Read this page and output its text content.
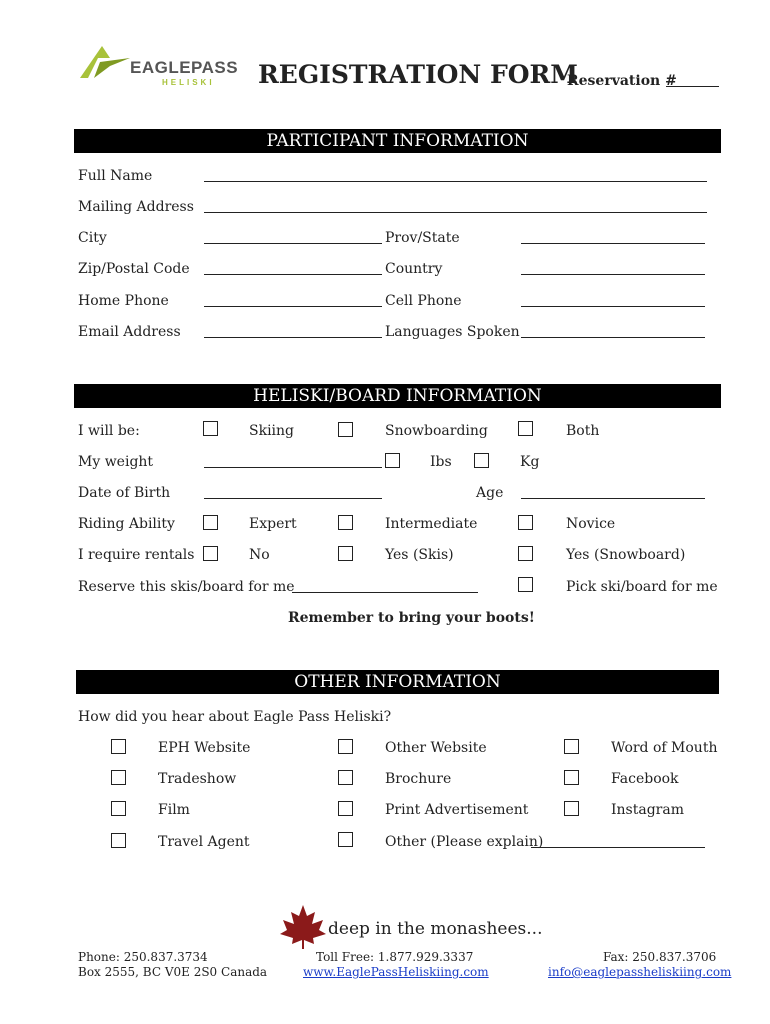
EAGLEPASS
HELISKI REGISTRATION FORM
Reservation #
PARTICIPANT INFORMATION
Full Name
Mailing Address
City	Prov/State
Zip/Postal Code	Country
Home Phone	Cell Phone
Email Address	Languages Spoken
HELISKI/BOARD INFORMATION
I will be:	Skiing	Snowboarding	Both
My weight	Ibs	Kg
Date of Birth	Age
Riding Ability	Expert	Intermediate	Novice
I require rentals	No	Yes (Skis)	Yes (Snowboard)
Reserve this skis/board for me	Pick ski/board for me
Remember to bring your boots!
OTHER INFORMATION
How did you hear about Eagle Pass Heliski?
EPH Website	Other Website	Word of Mouth
Tradeshow	Brochure	Facebook
Film	Print Advertisement	Instagram
Travel Agent	Other (Please explain)
deep in the monashees...
Phone: 250.837.3734
Box 2555, BC V0E 2S0 Canada
Toll Free: 1.877.929.3337
www.EaglePassHeliskiing.com
Fax: 250.837.3706
info@eaglepassheliskiing.com
